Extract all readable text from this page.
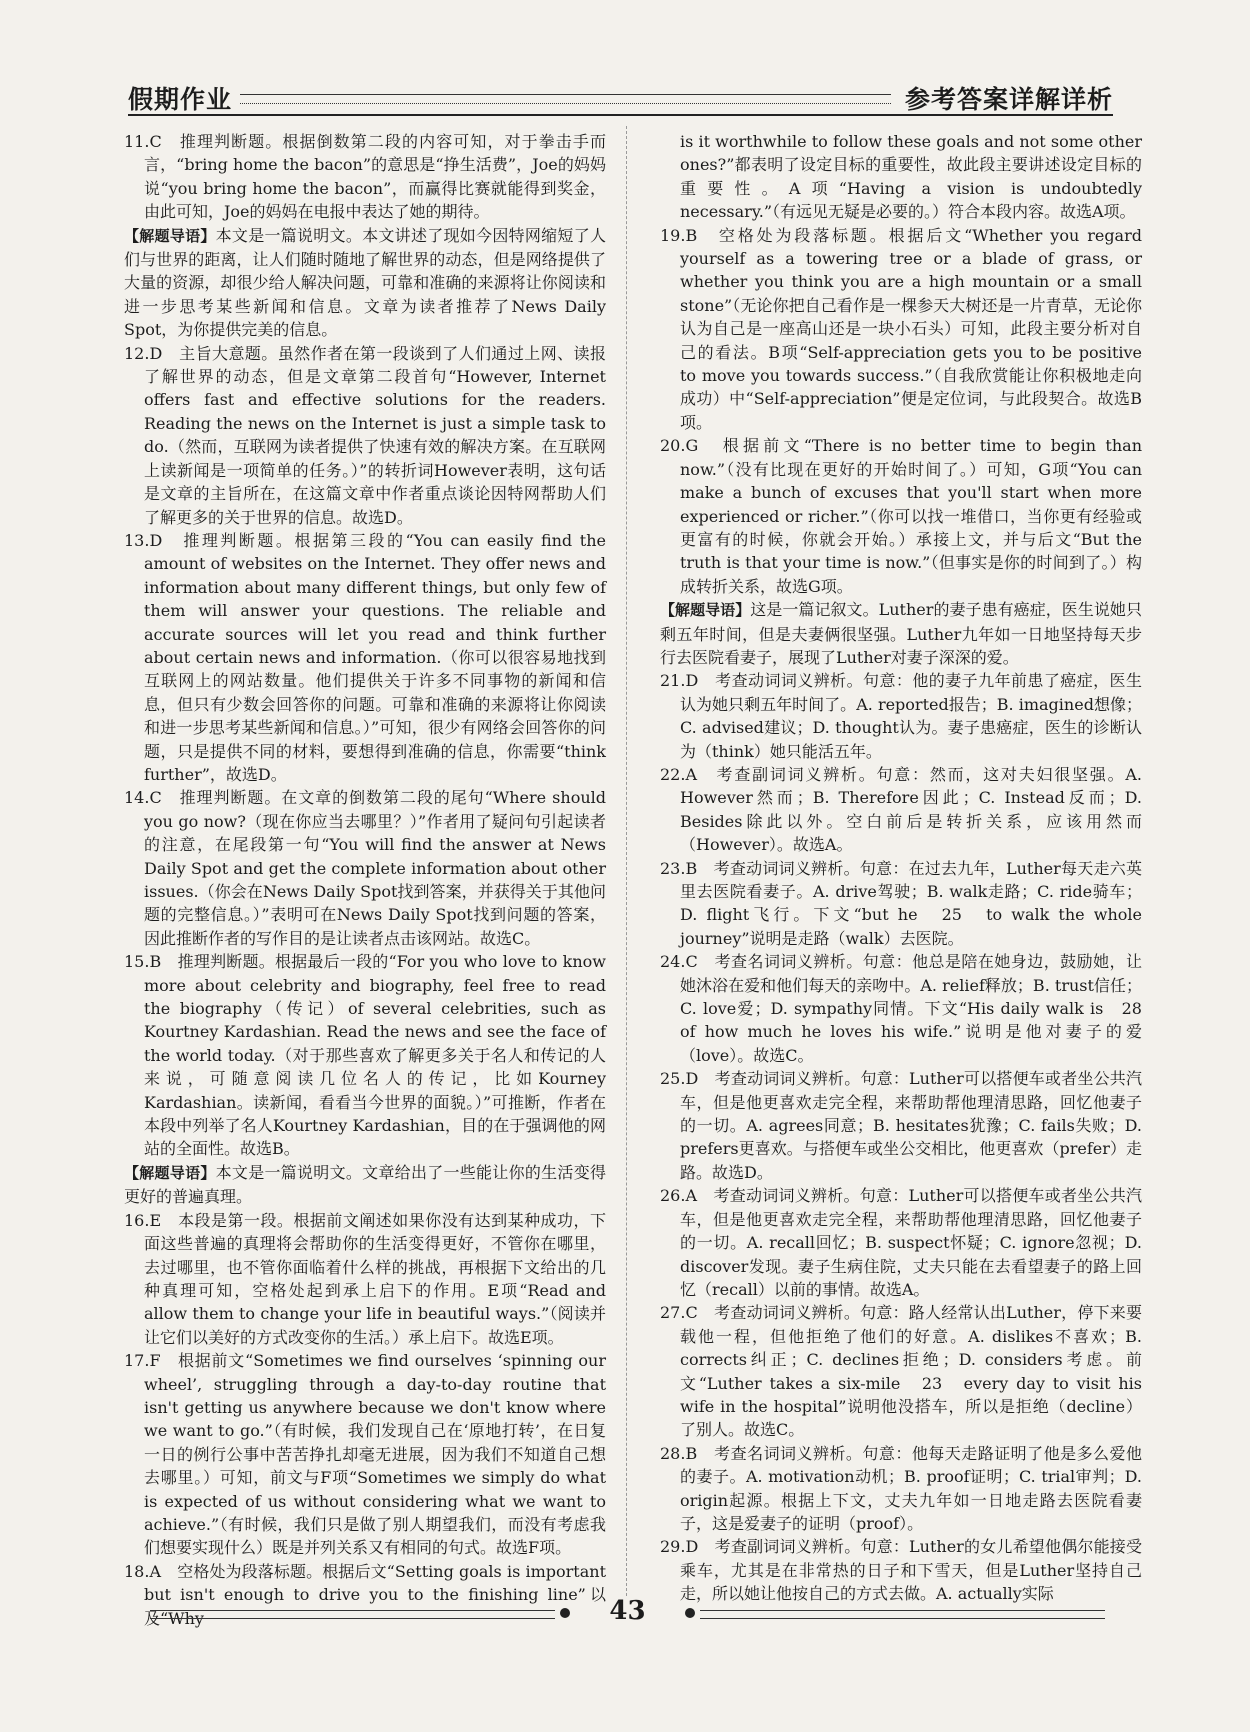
假期作业	参考答案详解详析

11.C　推理判断题。根据倒数第二段的内容可知，对于拳击手而言，“bring home the bacon”的意思是“挣生活费”，Joe的妈妈说“you bring home the bacon”，而赢得比赛就能得到奖金，由此可知，Joe的妈妈在电报中表达了她的期待。

【解题导语】本文是一篇说明文。本文讲述了现如今因特网缩短了人们与世界的距离，让人们随时随地了解世界的动态，但是网络提供了大量的资源，却很少给人解决问题，可靠和准确的来源将让你阅读和进一步思考某些新闻和信息。文章为读者推荐了News Daily Spot，为你提供完美的信息。

12.D　主旨大意题。虽然作者在第一段谈到了人们通过上网、读报了解世界的动态，但是文章第二段首句“However, Internet offers fast and effective solutions for the readers. Reading the news on the Internet is just a simple task to do.（然而，互联网为读者提供了快速有效的解决方案。在互联网上读新闻是一项简单的任务。）”的转折词However表明，这句话是文章的主旨所在，在这篇文章中作者重点谈论因特网帮助人们了解更多的关于世界的信息。故选D。

13.D　推理判断题。根据第三段的“You can easily find the amount of websites on the Internet. They offer news and information about many different things, but only few of them will answer your questions. The reliable and accurate sources will let you read and think further about certain news and information.（你可以很容易地找到互联网上的网站数量。他们提供关于许多不同事物的新闻和信息，但只有少数会回答你的问题。可靠和准确的来源将让你阅读和进一步思考某些新闻和信息。）”可知，很少有网络会回答你的问题，只是提供不同的材料，要想得到准确的信息，你需要“think further”，故选D。

14.C　推理判断题。在文章的倒数第二段的尾句“Where should you go now?（现在你应当去哪里？）”作者用了疑问句引起读者的注意，在尾段第一句“You will find the answer at News Daily Spot and get the complete information about other issues.（你会在News Daily Spot找到答案，并获得关于其他问题的完整信息。）”表明可在News Daily Spot找到问题的答案，因此推断作者的写作目的是让读者点击该网站。故选C。

15.B　推理判断题。根据最后一段的“For you who love to know more about celebrity and biography, feel free to read the biography（传记）of several celebrities, such as Kourtney Kardashian. Read the news and see the face of the world today.（对于那些喜欢了解更多关于名人和传记的人来说，可随意阅读几位名人的传记，比如Kourney Kardashian。读新闻，看看当今世界的面貌。）”可推断，作者在本段中列举了名人Kourtney Kardashian，目的在于强调他的网站的全面性。故选B。

【解题导语】本文是一篇说明文。文章给出了一些能让你的生活变得更好的普遍真理。

16.E　本段是第一段。根据前文阐述如果你没有达到某种成功，下面这些普遍的真理将会帮助你的生活变得更好，不管你在哪里，去过哪里，也不管你面临着什么样的挑战，再根据下文给出的几种真理可知，空格处起到承上启下的作用。E项“Read and allow them to change your life in beautiful ways.”（阅读并让它们以美好的方式改变你的生活。）承上启下。故选E项。

17.F　根据前文“Sometimes we find ourselves ‘spinning our wheel’, struggling through a day-to-day routine that isn't getting us anywhere because we don't know where we want to go.”（有时候，我们发现自己在‘原地打转’，在日复一日的例行公事中苦苦挣扎却毫无进展，因为我们不知道自己想去哪里。）可知，前文与F项“Sometimes we simply do what is expected of us without considering what we want to achieve.”（有时候，我们只是做了别人期望我们，而没有考虑我们想要实现什么）既是并列关系又有相同的句式。故选F项。

18.A　空格处为段落标题。根据后文“Setting goals is important but isn't enough to drive you to the finishing line”以及“Why

is it worthwhile to follow these goals and not some other ones?”都表明了设定目标的重要性，故此段主要讲述设定目标的重要性。A项“Having a vision is undoubtedly necessary.”（有远见无疑是必要的。）符合本段内容。故选A项。

19.B　空格处为段落标题。根据后文“Whether you regard yourself as a towering tree or a blade of grass, or whether you think you are a high mountain or a small stone”（无论你把自己看作是一棵参天大树还是一片青草，无论你认为自己是一座高山还是一块小石头）可知，此段主要分析对自己的看法。B项“Self-appreciation gets you to be positive to move you towards success.”（自我欣赏能让你积极地走向成功）中“Self-appreciation”便是定位词，与此段契合。故选B项。

20.G　根据前文“There is no better time to begin than now.”（没有比现在更好的开始时间了。）可知，G项“You can make a bunch of excuses that you'll start when more experienced or richer.”（你可以找一堆借口，当你更有经验或更富有的时候，你就会开始。）承接上文，并与后文“But the truth is that your time is now.”（但事实是你的时间到了。）构成转折关系，故选G项。

【解题导语】这是一篇记叙文。Luther的妻子患有癌症，医生说她只剩五年时间，但是夫妻俩很坚强。Luther九年如一日地坚持每天步行去医院看妻子，展现了Luther对妻子深深的爱。

21.D　考查动词词义辨析。句意：他的妻子九年前患了癌症，医生认为她只剩五年时间了。A. reported报告；B. imagined想像；C. advised建议；D. thought认为。妻子患癌症，医生的诊断认为（think）她只能活五年。

22.A　考查副词词义辨析。句意：然而，这对夫妇很坚强。A. However然而；B. Therefore因此；C. Instead反而；D. Besides除此以外。空白前后是转折关系，应该用然而（However）。故选A。

23.B　考查动词词义辨析。句意：在过去九年，Luther每天走六英里去医院看妻子。A. drive驾驶；B. walk走路；C. ride骑车；D. flight飞行。下文“but he　25　to walk the whole journey”说明是走路（walk）去医院。

24.C　考查名词词义辨析。句意：他总是陪在她身边，鼓励她，让她沐浴在爱和他们每天的亲吻中。A. relief释放；B. trust信任；C. love爱；D. sympathy同情。下文“His daily walk is　28　of how much he loves his wife.”说明是他对妻子的爱（love）。故选C。

25.D　考查动词词义辨析。句意：Luther可以搭便车或者坐公共汽车，但是他更喜欢走完全程，来帮助帮他理清思路，回忆他妻子的一切。A. agrees同意；B. hesitates犹豫；C. fails失败；D. prefers更喜欢。与搭便车或坐公交相比，他更喜欢（prefer）走路。故选D。

26.A　考查动词词义辨析。句意：Luther可以搭便车或者坐公共汽车，但是他更喜欢走完全程，来帮助帮他理清思路，回忆他妻子的一切。A. recall回忆；B. suspect怀疑；C. ignore忽视；D. discover发现。妻子生病住院，丈夫只能在去看望妻子的路上回忆（recall）以前的事情。故选A。

27.C　考查动词词义辨析。句意：路人经常认出Luther，停下来要载他一程，但他拒绝了他们的好意。A. dislikes不喜欢；B. corrects纠正；C. declines拒绝；D. considers考虑。前文“Luther takes a six-mile　23　every day to visit his wife in the hospital”说明他没搭车，所以是拒绝（decline）了别人。故选C。

28.B　考查名词词义辨析。句意：他每天走路证明了他是多么爱他的妻子。A. motivation动机；B. proof证明；C. trial审判；D. origin起源。根据上下文，丈夫九年如一日地走路去医院看妻子，这是爱妻子的证明（proof）。

29.D　考查副词词义辨析。句意：Luther的女儿希望他偶尔能接受乘车，尤其是在非常热的日子和下雪天，但是Luther坚持自己走，所以她让他按自己的方式去做。A. actually实际

43
